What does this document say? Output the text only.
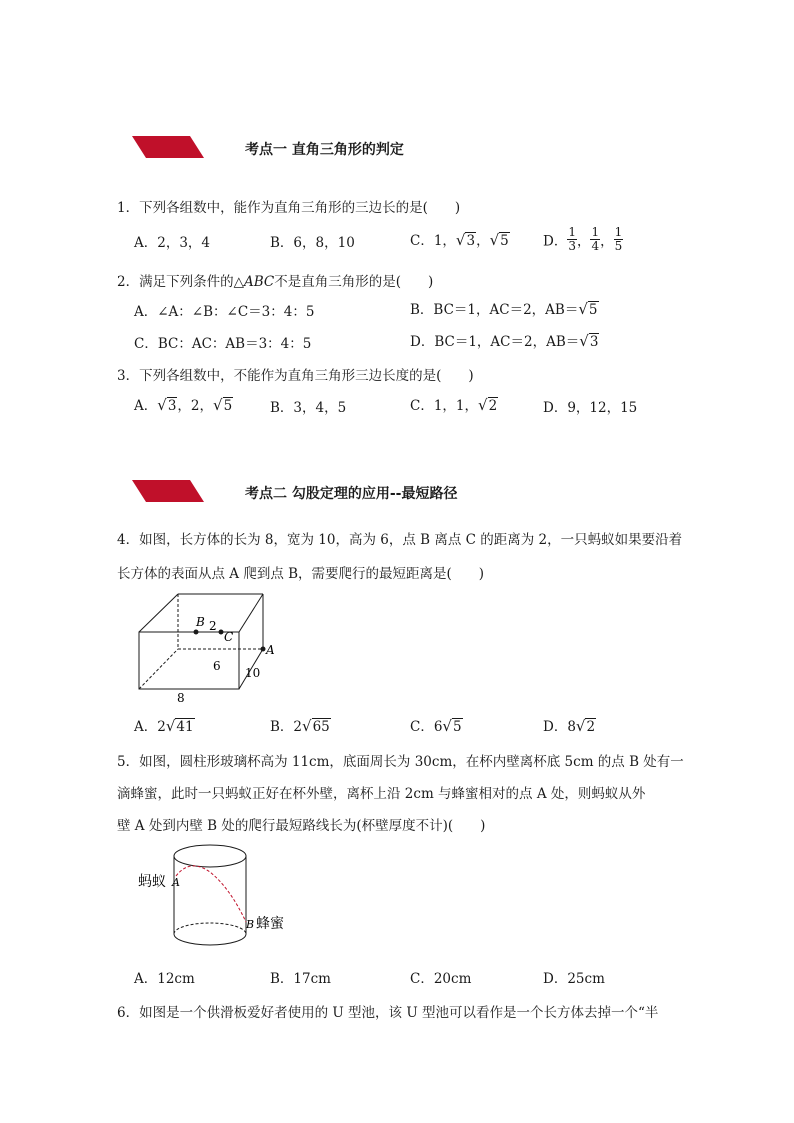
考点一 直角三角形的判定
1．下列各组数中，能作为直角三角形的三边长的是(　　)
A．2，3，4	B．6，8，10	C．1，√3，√5	D． $\frac{1}{3}$ ， $\frac{1}{4}$ ， $\frac{1}{5}$
2．满足下列条件的△ABC不是直角三角形的是(　　)
A．∠A：∠B：∠C＝3：4：5	B．BC＝1，AC＝2，AB＝√5
C．BC：AC：AB＝3：4：5	D．BC＝1，AC＝2，AB＝√3
3．下列各组数中，不能作为直角三角形三边长度的是(　　)
A．√3，2，√5	B．3，4，5	C．1，1，√2	D．9，12，15
考点二 勾股定理的应用--最短路径
4．如图，长方体的长为 8，宽为 10，高为 6，点 B 离点 C 的距离为 2，一只蚂蚁如果要沿着
长方体的表面从点 A 爬到点 B，需要爬行的最短距离是(　　)
B 2
C
A
6 10
8
A．2√41	B．2√65	C．6√5	D．8√2
5．如图，圆柱形玻璃杯高为 11cm，底面周长为 30cm，在杯内壁离杯底 5cm 的点 B 处有一
滴蜂蜜，此时一只蚂蚁正好在杯外壁，离杯上沿 2cm 与蜂蜜相对的点 A 处，则蚂蚁从外
壁 A 处到内壁 B 处的爬行最短路线长为(杯壁厚度不计)(　　)
蚂蚁 A
B 蜂蜜
A．12cm	B．17cm	C．20cm	D．25cm
6．如图是一个供滑板爱好者使用的 U 型池，该 U 型池可以看作是一个长方体去掉一个“半
